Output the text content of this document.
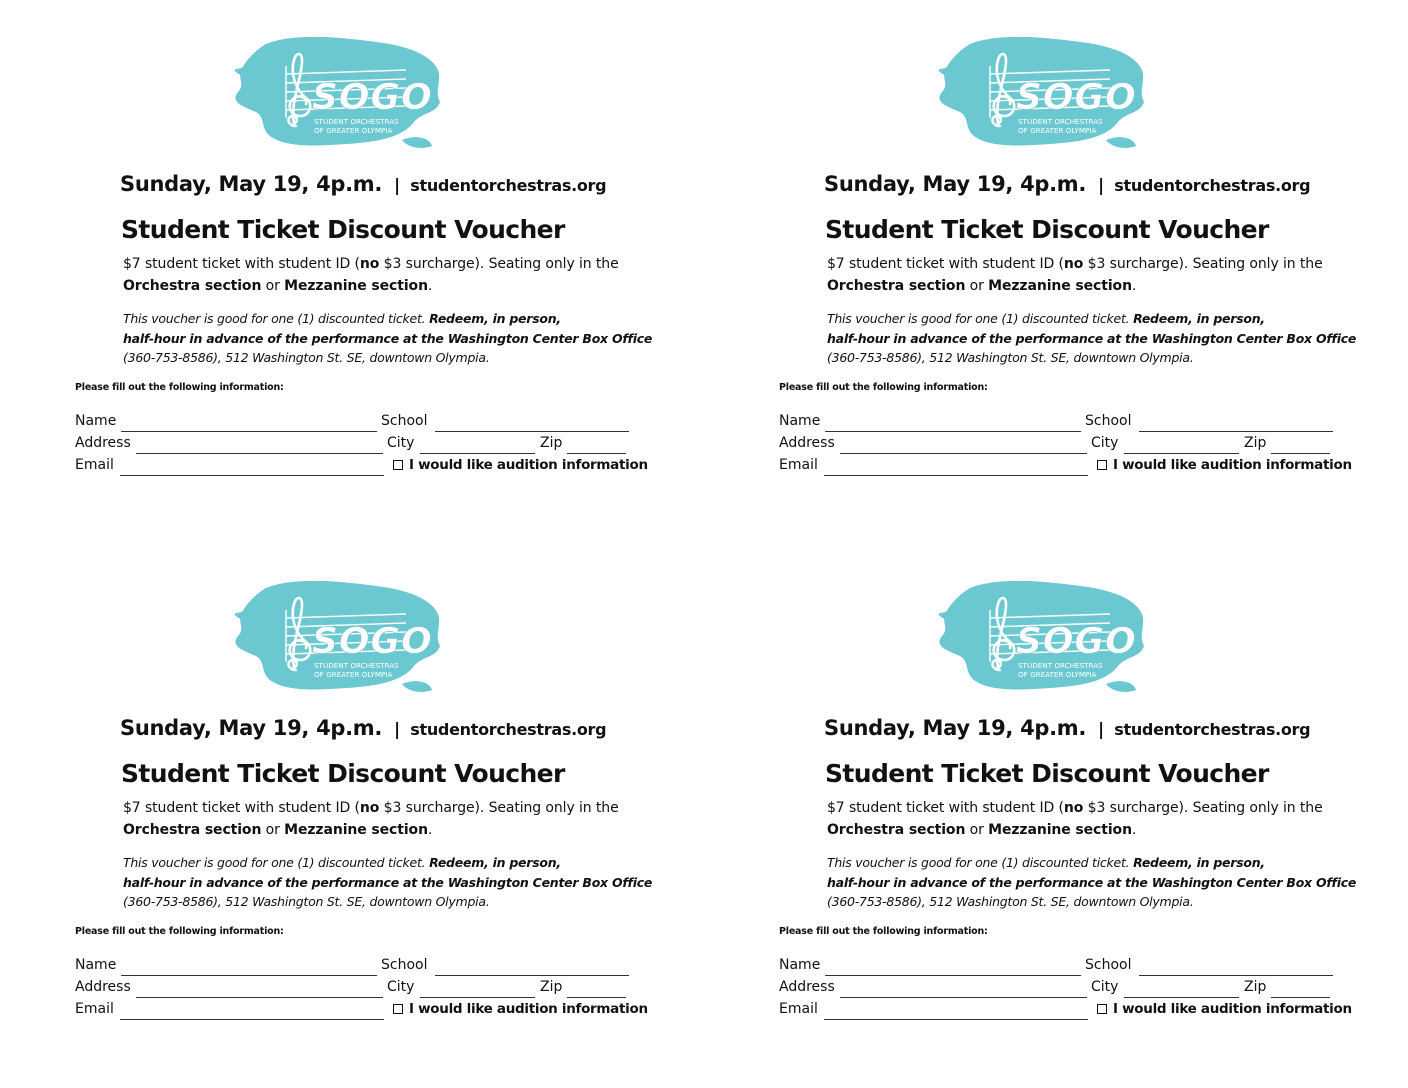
SOGO
STUDENT ORCHESTRAS
OF GREATER OLYMPIA
Sunday, May 19, 4p.m. | studentorchestras.org
Student Ticket Discount Voucher
$7 student ticket with student ID (no $3 surcharge). Seating only in the
Orchestra section or Mezzanine section.
This voucher is good for one (1) discounted ticket. Redeem, in person,
half-hour in advance of the performance at the Washington Center Box Office
(360-753-8586), 512 Washington St. SE, downtown Olympia.
Please fill out the following information:
Name	School
Address	City	Zip
Email	I would like audition information
SOGO
STUDENT ORCHESTRAS
OF GREATER OLYMPIA
Sunday, May 19, 4p.m. | studentorchestras.org
Student Ticket Discount Voucher
$7 student ticket with student ID (no $3 surcharge). Seating only in the
Orchestra section or Mezzanine section.
This voucher is good for one (1) discounted ticket. Redeem, in person,
half-hour in advance of the performance at the Washington Center Box Office
(360-753-8586), 512 Washington St. SE, downtown Olympia.
Please fill out the following information:
Name	School
Address	City	Zip
Email	I would like audition information
SOGO
STUDENT ORCHESTRAS
OF GREATER OLYMPIA
Sunday, May 19, 4p.m. | studentorchestras.org
Student Ticket Discount Voucher
$7 student ticket with student ID (no $3 surcharge). Seating only in the
Orchestra section or Mezzanine section.
This voucher is good for one (1) discounted ticket. Redeem, in person,
half-hour in advance of the performance at the Washington Center Box Office
(360-753-8586), 512 Washington St. SE, downtown Olympia.
Please fill out the following information:
Name	School
Address	City	Zip
Email	I would like audition information
SOGO
STUDENT ORCHESTRAS
OF GREATER OLYMPIA
Sunday, May 19, 4p.m. | studentorchestras.org
Student Ticket Discount Voucher
$7 student ticket with student ID (no $3 surcharge). Seating only in the
Orchestra section or Mezzanine section.
This voucher is good for one (1) discounted ticket. Redeem, in person,
half-hour in advance of the performance at the Washington Center Box Office
(360-753-8586), 512 Washington St. SE, downtown Olympia.
Please fill out the following information:
Name	School
Address	City	Zip
Email	I would like audition information
